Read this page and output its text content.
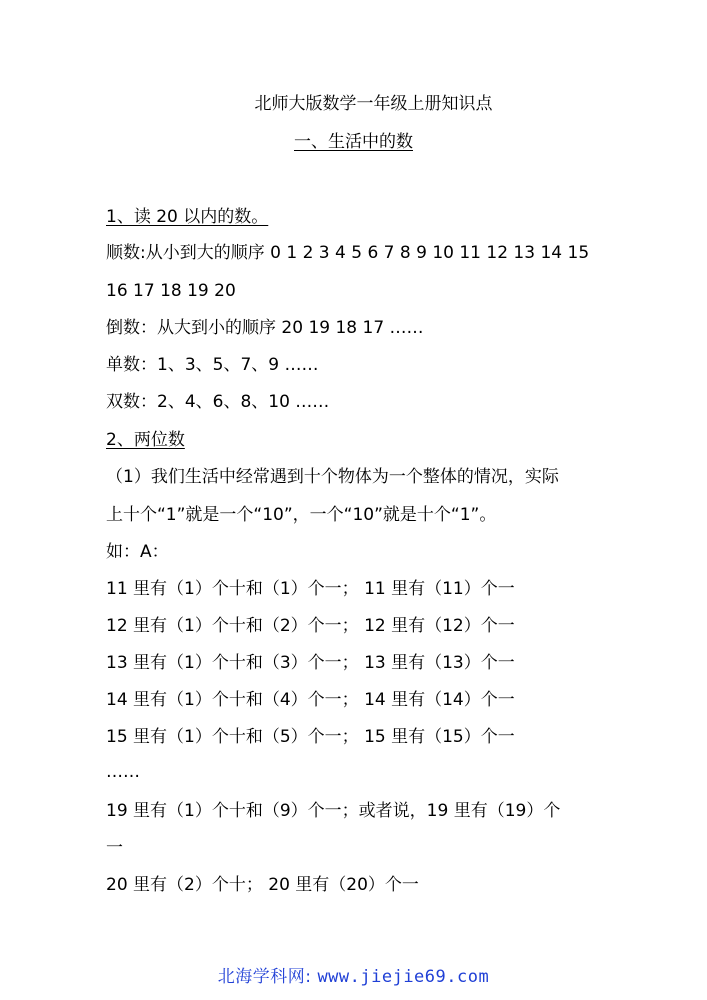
北师大版数学一年级上册知识点
一、生活中的数
1、读 20 以内的数。
顺数:从小到大的顺序 0 1 2 3 4 5 6 7 8 9 10 11 12 13 14 15
16 17 18 19 20
倒数：从大到小的顺序 20 19 18 17 ……
单数：1、3、5、7、9 ……
双数：2、4、6、8、10 ……
2、两位数
（1）我们生活中经常遇到十个物体为一个整体的情况，实际
上十个“1”就是一个“10”，一个“10”就是十个“1”。
如：A：
11 里有（1）个十和（1）个一； 11 里有（11）个一
12 里有（1）个十和（2）个一； 12 里有（12）个一
13 里有（1）个十和（3）个一； 13 里有（13）个一
14 里有（1）个十和（4）个一； 14 里有（14）个一
15 里有（1）个十和（5）个一； 15 里有（15）个一
……
19 里有（1）个十和（9）个一；或者说，19 里有（19）个
一
20 里有（2）个十； 20 里有（20）个一
北海学科网: www.jiejie69.com
